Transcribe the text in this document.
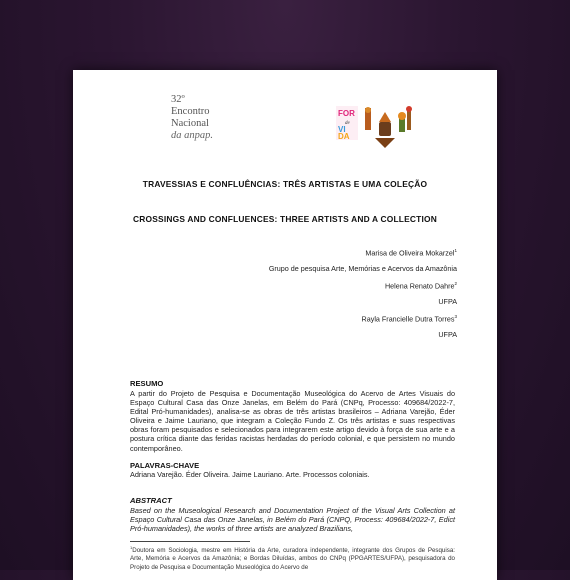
32º
Encontro
Nacional
da anpap.
FOR
de
VI
DA
TRAVESSIAS E CONFLUÊNCIAS: TRÊS ARTISTAS E UMA COLEÇÃO
CROSSINGS AND CONFLUENCES: THREE ARTISTS AND A COLLECTION
Marisa de Oliveira Mokarzel$^1$
Grupo de pesquisa Arte, Memórias e Acervos da Amazônia
Helena Renato Dahre$^2$
UFPA
Rayla Francielle Dutra Torres$^3$
UFPA
RESUMO
A partir do Projeto de Pesquisa e Documentação Museológica do Acervo de Artes Visuais do Espaço Cultural Casa das Onze Janelas, em Belém do Pará (CNPq, Processo: 409684/2022-7, Edital Pró-humanidades), analisa-se as obras de três artistas brasileiros – Adriana Varejão, Éder Oliveira e Jaime Lauriano, que integram a Coleção Fundo Z. Os três artistas e suas respectivas obras foram pesquisados e selecionados para integrarem este artigo devido à força de sua arte e a postura crítica diante das feridas racistas herdadas do período colonial, e que persistem no mundo contemporâneo.
PALAVRAS-CHAVE
Adriana Varejão. Éder Oliveira. Jaime Lauriano. Arte. Processos coloniais.
ABSTRACT
Based on the Museological Research and Documentation Project of the Visual Arts Collection at Espaço Cultural Casa das Onze Janelas, in Belém do Pará (CNPQ, Process: 409684/2022-7, Edict Pró-humanidades), the works of three artists are analyzed Brazilians,
$^1$Doutora em Sociologia, mestre em História da Arte, curadora independente, integrante dos Grupos de Pesquisa: Arte, Memória e Acervos da Amazônia; e Bordas Diluídas, ambos do CNPq (PPGARTES/UFPA), pesquisadora do Projeto de Pesquisa e Documentação Museológica do Acervo de
